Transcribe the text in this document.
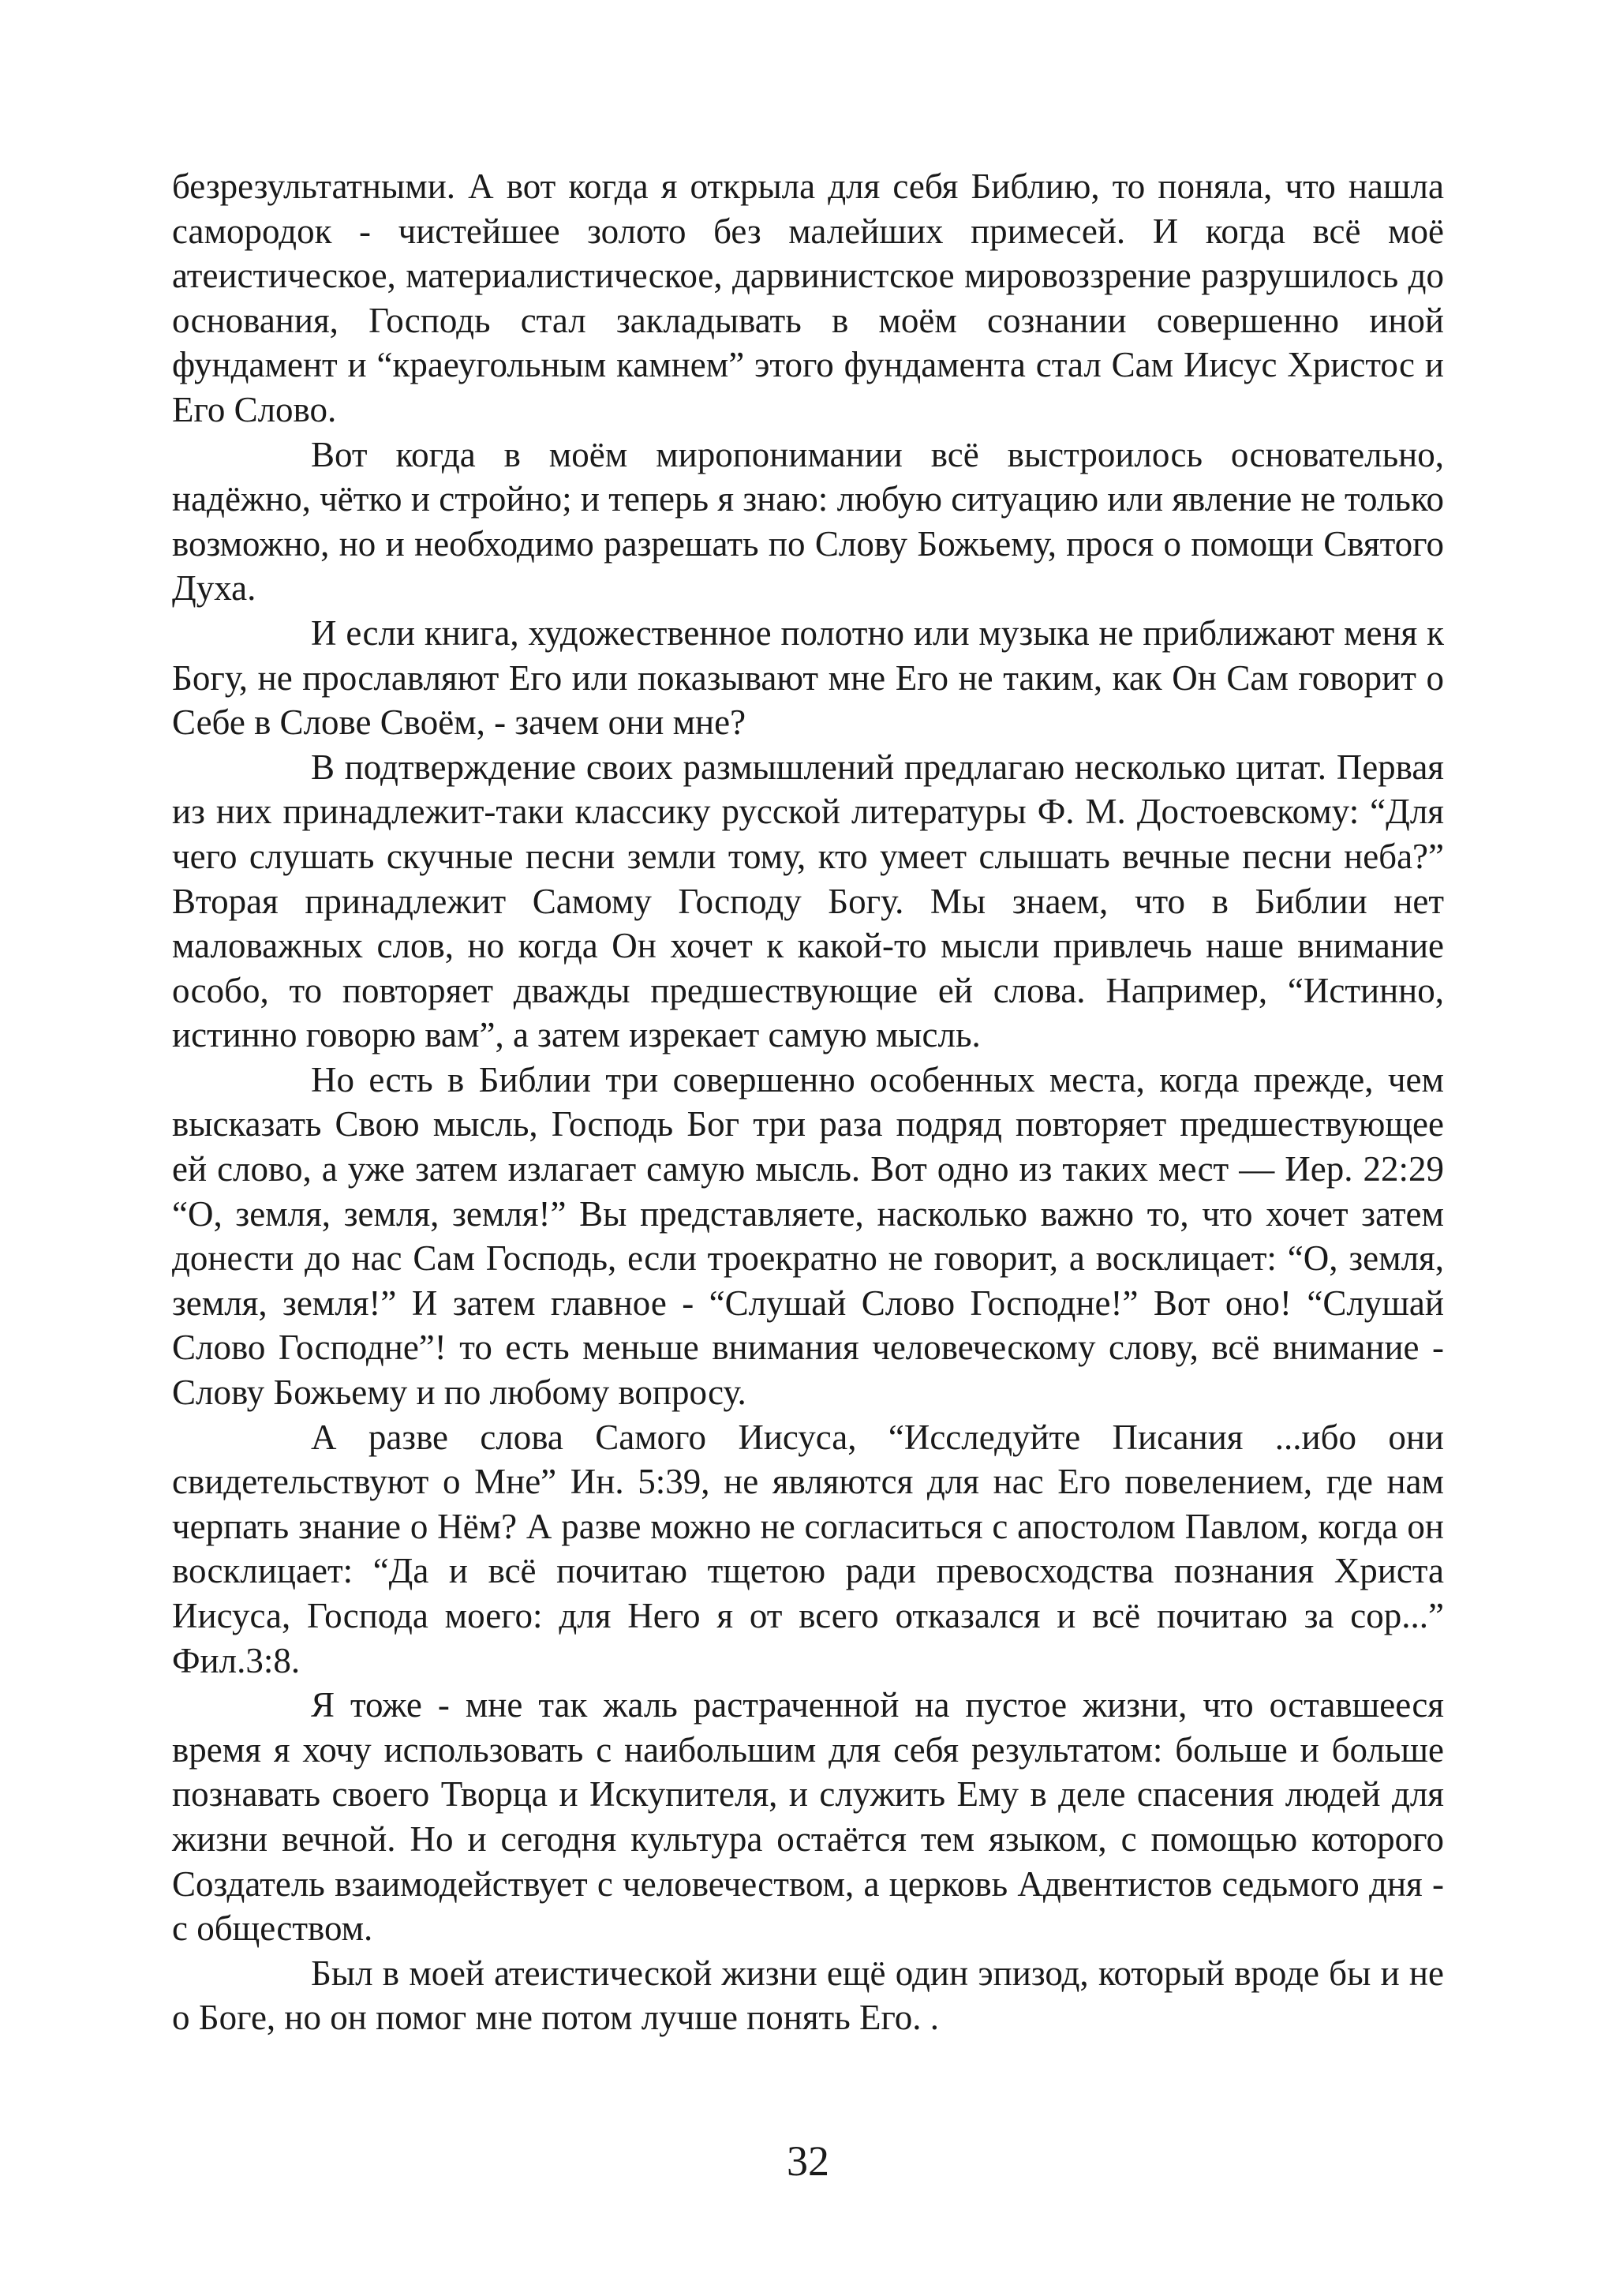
безрезультатными. А вот когда я открыла для себя Библию, то поняла, что нашла самородок - чистейшее золото без малейших примесей. И когда всё моё атеистическое, материалистическое, дарвинистское мировоззрение разрушилось до основания, Господь стал закладывать в моём сознании совершенно иной фундамент и “краеугольным камнем” этого фундамента стал Сам Иисус Христос и Его Слово.

Вот когда в моём миропонимании всё выстроилось основательно, надёжно, чётко и стройно; и теперь я знаю: любую ситуацию или явление не только возможно, но и необходимо разрешать по Слову Божьему, прося о помощи Святого Духа.

И если книга, художественное полотно или музыка не приближают меня к Богу, не прославляют Его или показывают мне Его не таким, как Он Сам говорит о Себе в Слове Своём, - зачем они мне?

В подтверждение своих размышлений предлагаю несколько цитат. Первая из них принадлежит-таки классику русской литературы Ф. М. Достоевскому: “Для чего слушать скучные песни земли тому, кто умеет слышать вечные песни неба?” Вторая принадлежит Самому Господу Богу. Мы знаем, что в Библии нет маловажных слов, но когда Он хочет к какой-то мысли привлечь наше внимание особо, то повторяет дважды предшествующие ей слова. Например, “Истинно, истинно говорю вам”, а затем изрекает самую мысль.

Но есть в Библии три совершенно особенных места, когда прежде, чем высказать Свою мысль, Господь Бог три раза подряд повторяет предшествующее ей слово, а уже затем излагает самую мысль. Вот одно из таких мест — Иер. 22:29 “О, земля, земля, земля!” Вы представляете, насколько важно то, что хочет затем донести до нас Сам Господь, если троекратно не говорит, а восклицает: “О, земля, земля, земля!” И затем главное - “Слушай Слово Господне!” Вот оно! “Слушай Слово Господне”! то есть меньше внимания человеческому слову, всё внимание - Слову Божьему и по любому вопросу.

А разве слова Самого Иисуса, “Исследуйте Писания ...ибо они свидетельствуют о Мне” Ин. 5:39, не являются для нас Его повелением, где нам черпать знание о Нём? А разве можно не согласиться с апостолом Павлом, когда он восклицает: “Да и всё почитаю тщетою ради превосходства познания Христа Иисуса, Господа моего: для Него я от всего отказался и всё почитаю за сор...” Фил.3:8.

Я тоже - мне так жаль растраченной на пустое жизни, что оставшееся время я хочу использовать с наибольшим для себя результатом: больше и больше познавать своего Творца и Искупителя, и служить Ему в деле спасения людей для жизни вечной. Но и сегодня культура остаётся тем языком, с помощью которого Создатель взаимодействует с человечеством, а церковь Адвентистов седьмого дня - с обществом.

Был в моей атеистической жизни ещё один эпизод, который вроде бы и не о Боге, но он помог мне потом лучше понять Его. .

32
